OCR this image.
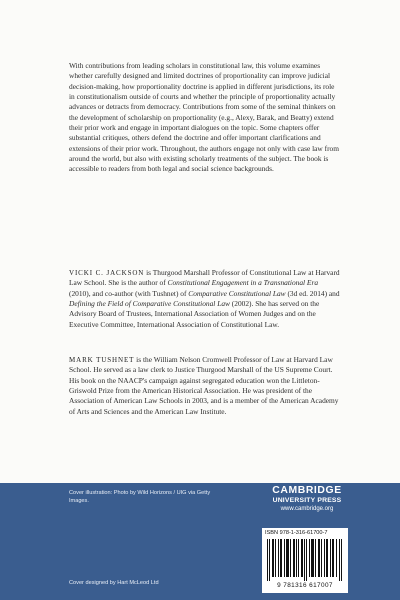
With contributions from leading scholars in constitutional law, this volume examines whether carefully designed and limited doctrines of proportionality can improve judicial decision-making, how proportionality doctrine is applied in different jurisdictions, its role in constitutionalism outside of courts and whether the principle of proportionality actually advances or detracts from democracy. Contributions from some of the seminal thinkers on the development of scholarship on proportionality (e.g., Alexy, Barak, and Beatty) extend their prior work and engage in important dialogues on the topic. Some chapters offer substantial critiques, others defend the doctrine and offer important clarifications and extensions of their prior work. Throughout, the authors engage not only with case law from around the world, but also with existing scholarly treatments of the subject. The book is accessible to readers from both legal and social science backgrounds.
VICKI C. JACKSON is Thurgood Marshall Professor of Constitutional Law at Harvard Law School. She is the author of Constitutional Engagement in a Transnational Era (2010), and co-author (with Tushnet) of Comparative Constitutional Law (3d ed. 2014) and Defining the Field of Comparative Constitutional Law (2002). She has served on the Advisory Board of Trustees, International Association of Women Judges and on the Executive Committee, International Association of Constitutional Law.
MARK TUSHNET is the William Nelson Cromwell Professor of Law at Harvard Law School. He served as a law clerk to Justice Thurgood Marshall of the US Supreme Court. His book on the NAACP's campaign against segregated education won the Littleton-Griswold Prize from the American Historical Association. He was president of the Association of American Law Schools in 2003, and is a member of the American Academy of Arts and Sciences and the American Law Institute.
Cover illustration: Photo by Wild Horizons / UIG via Getty Images.
Cover designed by Hart McLeod Ltd
CAMBRIDGE
UNIVERSITY PRESS
www.cambridge.org
ISBN 978-1-316-61700-7
9 781316 617007
